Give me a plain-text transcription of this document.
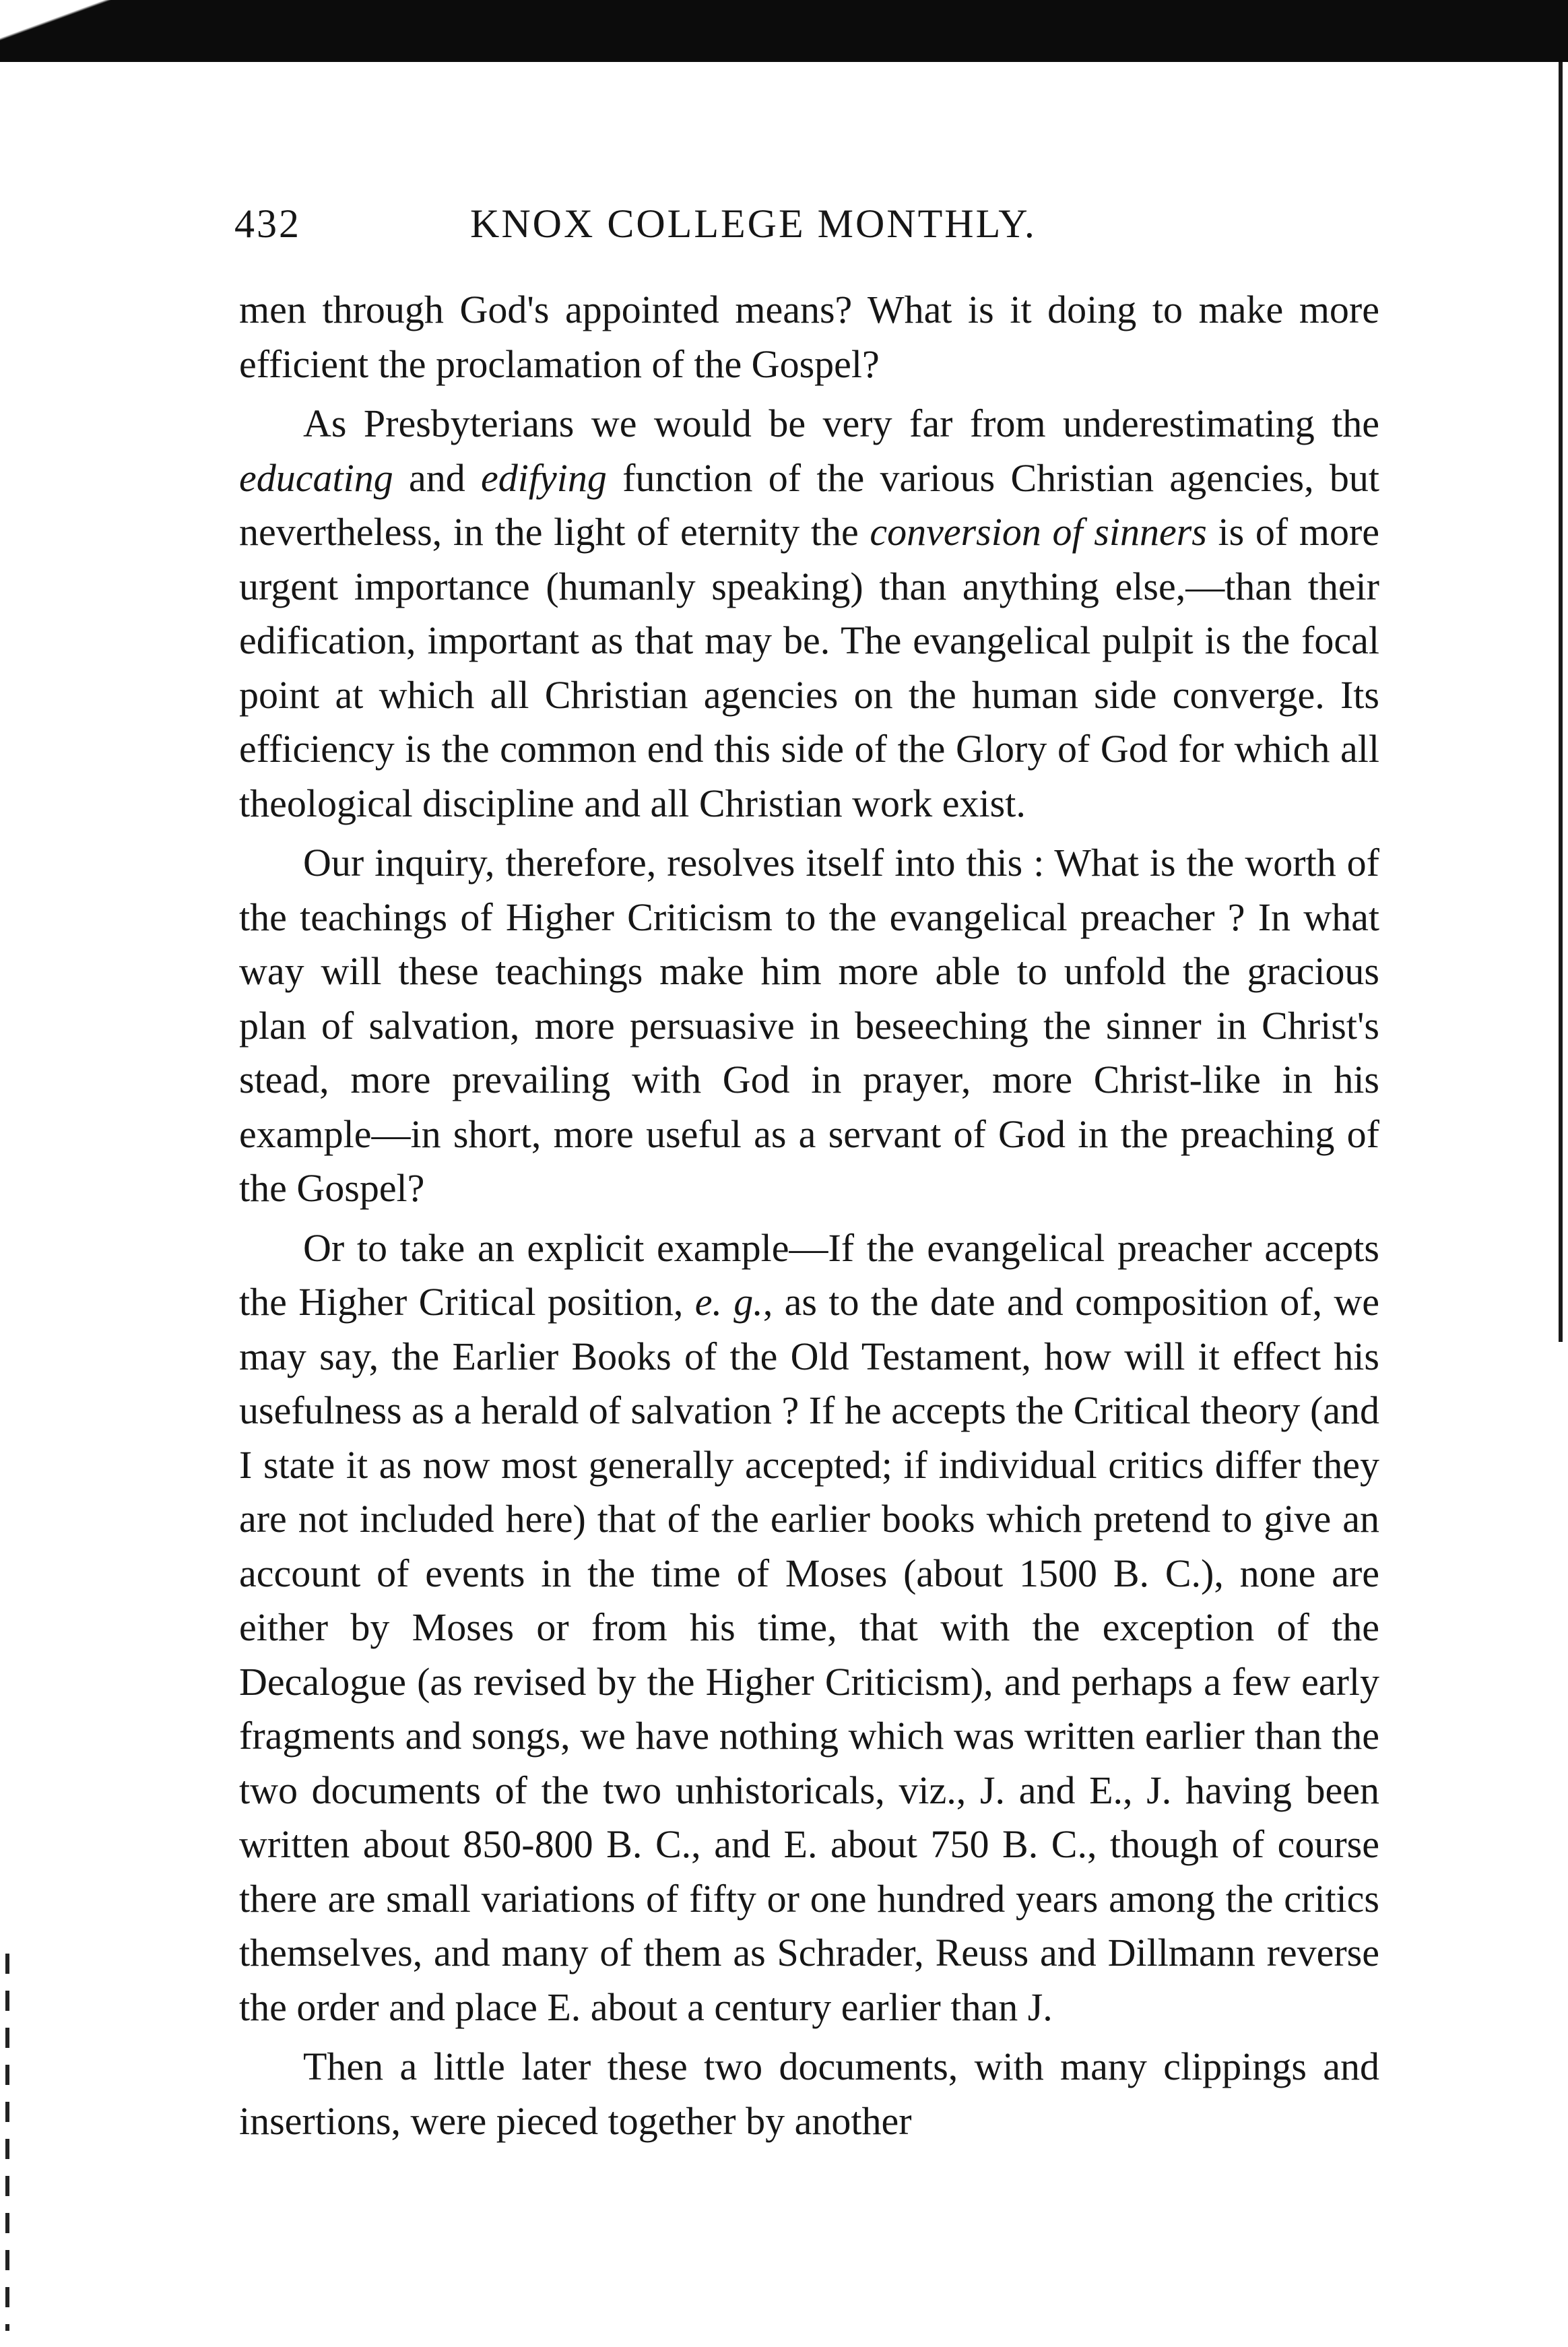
432	KNOX COLLEGE MONTHLY.

men through God's appointed means? What is it doing to make more efficient the proclamation of the Gospel?

As Presbyterians we would be very far from underestimating the educating and edifying function of the various Christian agencies, but nevertheless, in the light of eternity the conversion of sinners is of more urgent importance (humanly speaking) than anything else,—than their edification, important as that may be. The evangelical pulpit is the focal point at which all Christian agencies on the human side converge. Its efficiency is the common end this side of the Glory of God for which all theological discipline and all Christian work exist.

Our inquiry, therefore, resolves itself into this : What is the worth of the teachings of Higher Criticism to the evangelical preacher ? In what way will these teachings make him more able to unfold the gracious plan of salvation, more persuasive in beseeching the sinner in Christ's stead, more prevailing with God in prayer, more Christ-like in his example—in short, more useful as a servant of God in the preaching of the Gospel?

Or to take an explicit example—If the evangelical preacher accepts the Higher Critical position, e. g., as to the date and composition of, we may say, the Earlier Books of the Old Testament, how will it effect his usefulness as a herald of salvation ? If he accepts the Critical theory (and I state it as now most generally accepted; if individual critics differ they are not included here) that of the earlier books which pretend to give an account of events in the time of Moses (about 1500 B. C.), none are either by Moses or from his time, that with the exception of the Decalogue (as revised by the Higher Criticism), and perhaps a few early fragments and songs, we have nothing which was written earlier than the two documents of the two unhistoricals, viz., J. and E., J. having been written about 850-800 B. C., and E. about 750 B. C., though of course there are small variations of fifty or one hundred years among the critics themselves, and many of them as Schrader, Reuss and Dillmann reverse the order and place E. about a century earlier than J.

Then a little later these two documents, with many clippings and insertions, were pieced together by another
